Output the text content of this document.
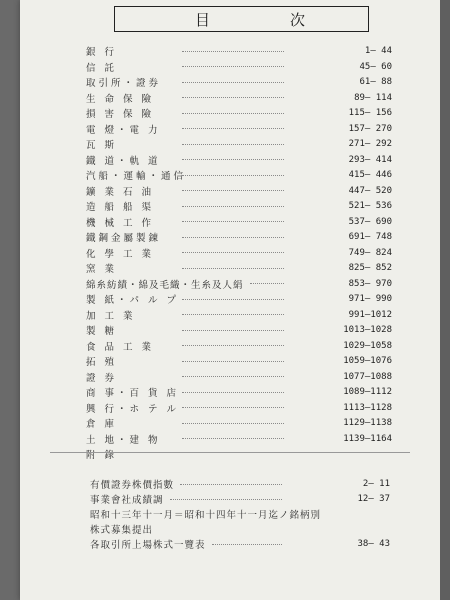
目	次
銀 行	1— 44
信 託	45— 60
取引所・證券	61— 88
生 命 保 險	89— 114
損 害 保 險	115— 156
電 燈・電 力	157— 270
瓦 斯	271— 292
鐵 道・軌 道	293— 414
汽船・運輸・通信	415— 446
鑛 業 石 油	447— 520
造 船 船 渠	521— 536
機 械 工 作	537— 690
鐵鋼金屬製錬	691— 748
化 學 工 業	749— 824
窯 業	825— 852
綿糸紡績・綿及毛織・生糸及人絹	853— 970
製 紙・パ ル プ	971— 990
加 工 業	991—1012
製 糖	1013—1028
食 品 工 業	1029—1058
拓 殖	1059—1076
證 券	1077—1088
商 事・百 貨 店	1089—1112
興 行・ホ テ ル	1113—1128
倉 庫	1129—1138
土 地・建 物	1139—1164
附 錄
有價證券株價指數	2— 11
事業會社成績調	12— 37
昭和十三年十一月＝昭和十四年十一月迄ノ銘柄別
株式募集提出
各取引所上場株式一覽表	38— 43
